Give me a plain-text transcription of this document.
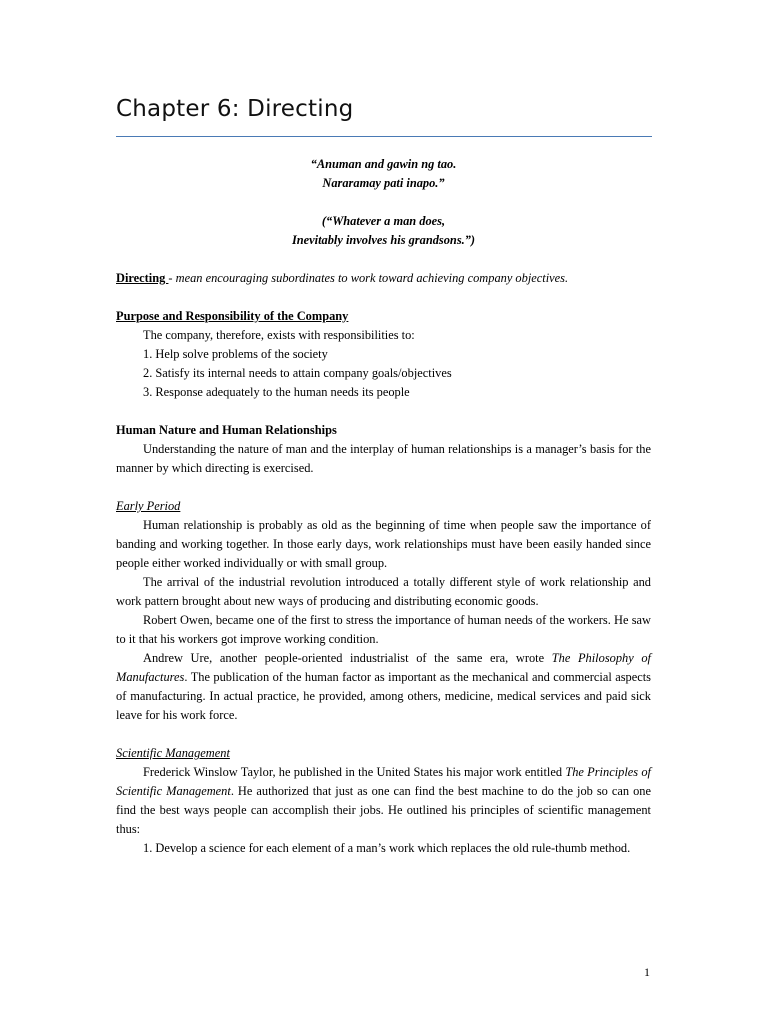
Chapter 6: Directing
“Anuman and gawin ng tao.
Nararamay pati inapo.”
(“Whatever a man does,
Inevitably involves his grandsons.”)

Directing - mean encouraging subordinates to work toward achieving company objectives.

Purpose and Responsibility of the Company

The company, therefore, exists with responsibilities to:

1. Help solve problems of the society

2. Satisfy its internal needs to attain company goals/objectives

3. Response adequately to the human needs its people

Human Nature and Human Relationships

Understanding the nature of man and the interplay of human relationships is a manager’s basis for the manner by which directing is exercised.

Early Period

Human relationship is probably as old as the beginning of time when people saw the importance of banding and working together. In those early days, work relationships must have been easily handed since people either worked individually or with small group.

The arrival of the industrial revolution introduced a totally different style of work relationship and work pattern brought about new ways of producing and distributing economic goods.

Robert Owen, became one of the first to stress the importance of human needs of the workers. He saw to it that his workers got improve working condition.

Andrew Ure, another people-oriented industrialist of the same era, wrote The Philosophy of Manufactures. The publication of the human factor as important as the mechanical and commercial aspects of manufacturing. In actual practice, he provided, among others, medicine, medical services and paid sick leave for his work force.

Scientific Management

Frederick Winslow Taylor, he published in the United States his major work entitled The Principles of Scientific Management. He authorized that just as one can find the best machine to do the job so can one find the best ways people can accomplish their jobs. He outlined his principles of scientific management thus:

1. Develop a science for each element of a man’s work which replaces the old rule-thumb method.

1
